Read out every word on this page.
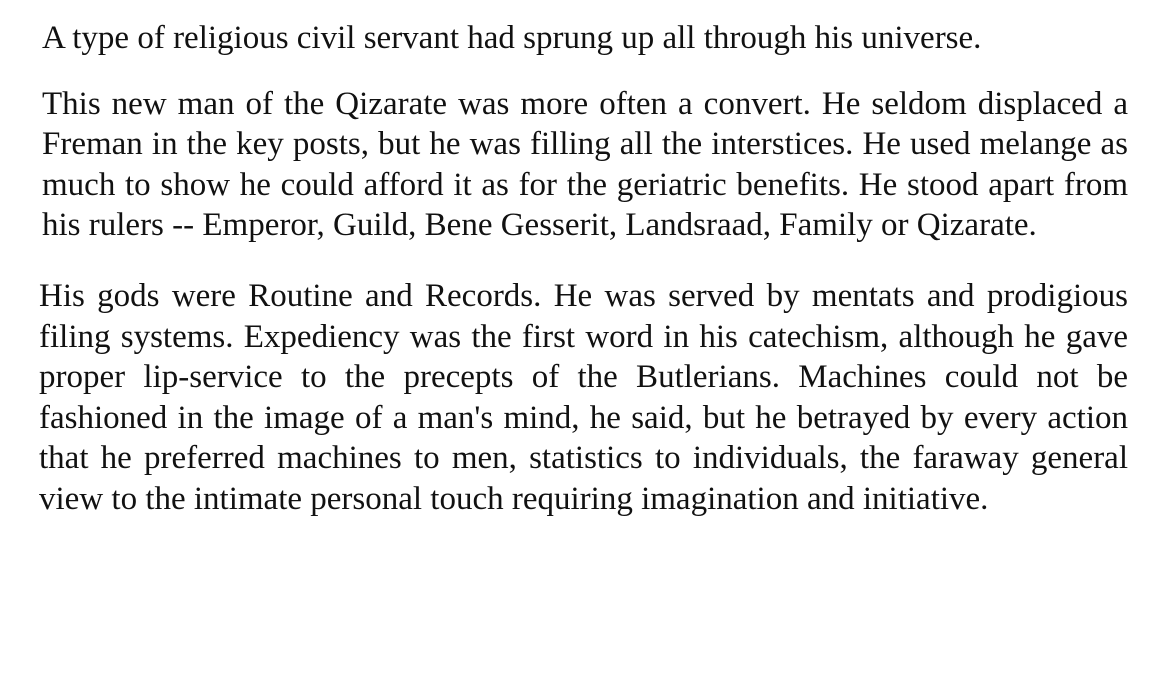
A type of religious civil servant had sprung up all through his universe.

This new man of the Qizarate was more often a convert. He seldom displaced a Freman in the key posts, but he was filling all the interstices. He used melange as much to show he could afford it as for the geriatric benefits. He stood apart from his rulers -- Emperor, Guild, Bene Gesserit, Landsraad, Family or Qizarate.

His gods were Routine and Records. He was served by mentats and prodigious filing systems. Expediency was the first word in his catechism, although he gave proper lip-service to the precepts of the Butlerians. Machines could not be fashioned in the image of a man's mind, he said, but he betrayed by every action that he preferred machines to men, statistics to individuals, the faraway general view to the intimate personal touch requiring imagination and initiative.
